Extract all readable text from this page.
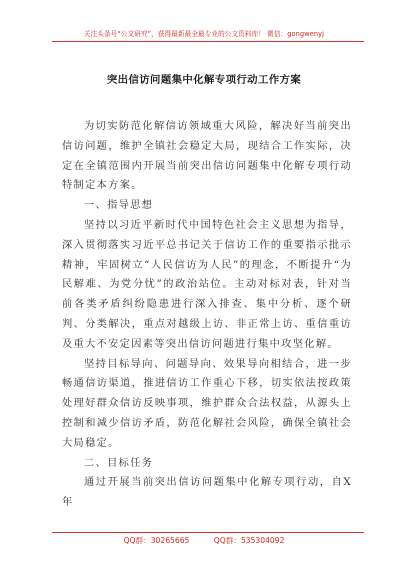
关注头条号“公文研究”，获得最新最全最专业的公文资料库！ 微信：gongwenyj
突出信访问题集中化解专项行动工作方案

为切实防范化解信访领域重大风险，解决好当前突出信访问题，维护全镇社会稳定大局，现结合工作实际，决定在全镇范围内开展当前突出信访问题集中化解专项行动特制定本方案。

一、指导思想

坚持以习近平新时代中国特色社会主义思想为指导，深入贯彻落实习近平总书记关于信访工作的重要指示批示精神，牢固树立“人民信访为人民”的理念，不断提升“为民解难、为党分忧”的政治站位。主动对标对表，针对当前各类矛盾纠纷隐患进行深入排查、集中分析、逐个研判、分类解决，重点对越级上访、非正常上访、重信重访及重大不安定因素等突出信访问题进行集中攻坚化解。

坚持目标导向、问题导向、效果导向相结合，进一步畅通信访渠道，推进信访工作重心下移，切实依法按政策处理好群众信访反映事项，维护群众合法权益，从源头上控制和减少信访矛盾，防范化解社会风险，确保全镇社会大局稳定。

二、目标任务

通过开展当前突出信访问题集中化解专项行动，自X年

QQ群：30265665	QQ群：535304092
